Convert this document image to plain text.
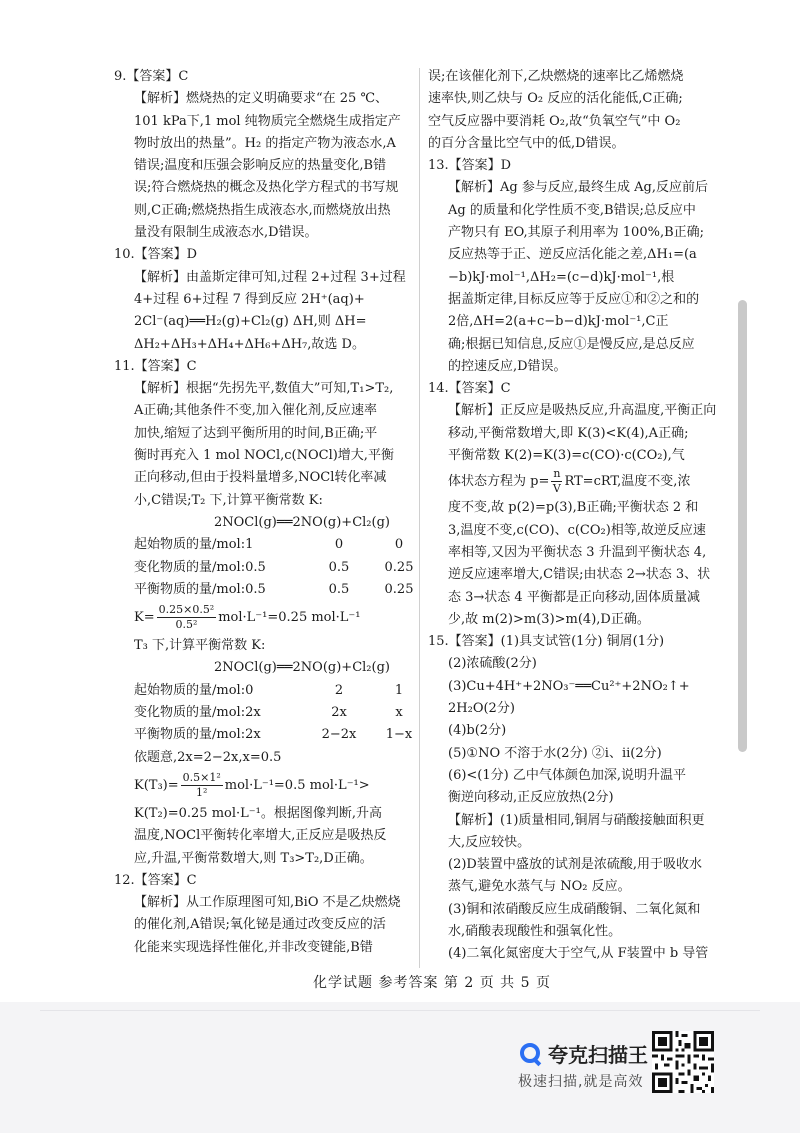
9.【答案】C

【解析】燃烧热的定义明确要求“在 25 ℃、

101 kPa下,1 mol 纯物质完全燃烧生成指定产

物时放出的热量”。H₂ 的指定产物为液态水,A

错误;温度和压强会影响反应的热量变化,B错

误;符合燃烧热的概念及热化学方程式的书写规

则,C正确;燃烧热指生成液态水,而燃烧放出热

量没有限制生成液态水,D错误。

10.【答案】D

【解析】由盖斯定律可知,过程 2+过程 3+过程

4+过程 6+过程 7 得到反应 2H⁺(aq)+

2Cl⁻(aq)══H₂(g)+Cl₂(g) ΔH,则 ΔH=

ΔH₂+ΔH₃+ΔH₄+ΔH₆+ΔH₇,故选 D。

11.【答案】C

【解析】根据“先拐先平,数值大”可知,T₁>T₂,

A正确;其他条件不变,加入催化剂,反应速率

加快,缩短了达到平衡所用的时间,B正确;平

衡时再充入 1 mol NOCl,c(NOCl)增大,平衡

正向移动,但由于投料量增多,NOCl转化率减

小,C错误;T₂ 下,计算平衡常数 K:

2NOCl(g)══2NO(g)+Cl₂(g)

起始物质的量/mol:1	0	0
变化物质的量/mol:0.5	0.5	0.25
平衡物质的量/mol:0.5	0.5	0.25

$K= \frac{\text{0.25×0.5²}}{\text{0.5²}} mol\cdot L^{-1}=0.25$ mol·L⁻¹

T₃ 下,计算平衡常数 K:

2NOCl(g)══2NO(g)+Cl₂(g)

起始物质的量/mol:0	2	1
变化物质的量/mol:2x	2x	x
平衡物质的量/mol:2x	2−2x	1−x

依题意,2x=2−2x,x=0.5

$K(T_3)= \frac{\text{0.5×1²}}{\text{1²}} mol\cdot L^{-1}=0.5$ mol·L⁻¹>

K(T₂)=0.25 mol·L⁻¹。根据图像判断,升高

温度,NOCl平衡转化率增大,正反应是吸热反

应,升温,平衡常数增大,则 T₃>T₂,D正确。

12.【答案】C

【解析】从工作原理图可知,BiO 不是乙炔燃烧

的催化剂,A错误;氧化铋是通过改变反应的活

化能来实现选择性催化,并非改变键能,B错

误;在该催化剂下,乙炔燃烧的速率比乙烯燃烧

速率快,则乙炔与 O₂ 反应的活化能低,C正确;

空气反应器中要消耗 O₂,故“负氧空气”中 O₂

的百分含量比空气中的低,D错误。

13.【答案】D

【解析】Ag 参与反应,最终生成 Ag,反应前后

Ag 的质量和化学性质不变,B错误;总反应中

产物只有 EO,其原子利用率为 100%,B正确;

反应热等于正、逆反应活化能之差,ΔH₁=(a

−b)kJ·mol⁻¹,ΔH₂=(c−d)kJ·mol⁻¹,根

据盖斯定律,目标反应等于反应①和②之和的

2倍,ΔH=2(a+c−b−d)kJ·mol⁻¹,C正

确;根据已知信息,反应①是慢反应,是总反应

的控速反应,D错误。

14.【答案】C

【解析】正反应是吸热反应,升高温度,平衡正向

移动,平衡常数增大,即 K(3)<K(4),A正确;

平衡常数 K(2)=K(3)=c(CO)·c(CO₂),气

体状态方程为 $p= \frac{n}{V} RT=cRT$,温度不变,浓

度不变,故 p(2)=p(3),B正确;平衡状态 2 和

3,温度不变,c(CO)、c(CO₂)相等,故逆反应速

率相等,又因为平衡状态 3 升温到平衡状态 4,

逆反应速率增大,C错误;由状态 2→状态 3、状

态 3→状态 4 平衡都是正向移动,固体质量减

少,故 m(2)>m(3)>m(4),D正确。

15.【答案】(1)具支试管(1分) 铜屑(1分)

(2)浓硫酸(2分)

(3)Cu+4H⁺+2NO₃⁻══Cu²⁺+2NO₂↑+

2H₂O(2分)

(4)b(2分)

(5)①NO 不溶于水(2分) ②ⅰ、ⅱ(2分)

(6)<(1分) 乙中气体颜色加深,说明升温平

衡逆向移动,正反应放热(2分)

【解析】(1)质量相同,铜屑与硝酸接触面积更

大,反应较快。

(2)D装置中盛放的试剂是浓硫酸,用于吸收水

蒸气,避免水蒸气与 NO₂ 反应。

(3)铜和浓硝酸反应生成硝酸铜、二氧化氮和

水,硝酸表现酸性和强氧化性。

(4)二氧化氮密度大于空气,从 F装置中 b 导管

化学试题 参考答案 第 2 页 共 5 页
夸克扫描王
极速扫描,就是高效
